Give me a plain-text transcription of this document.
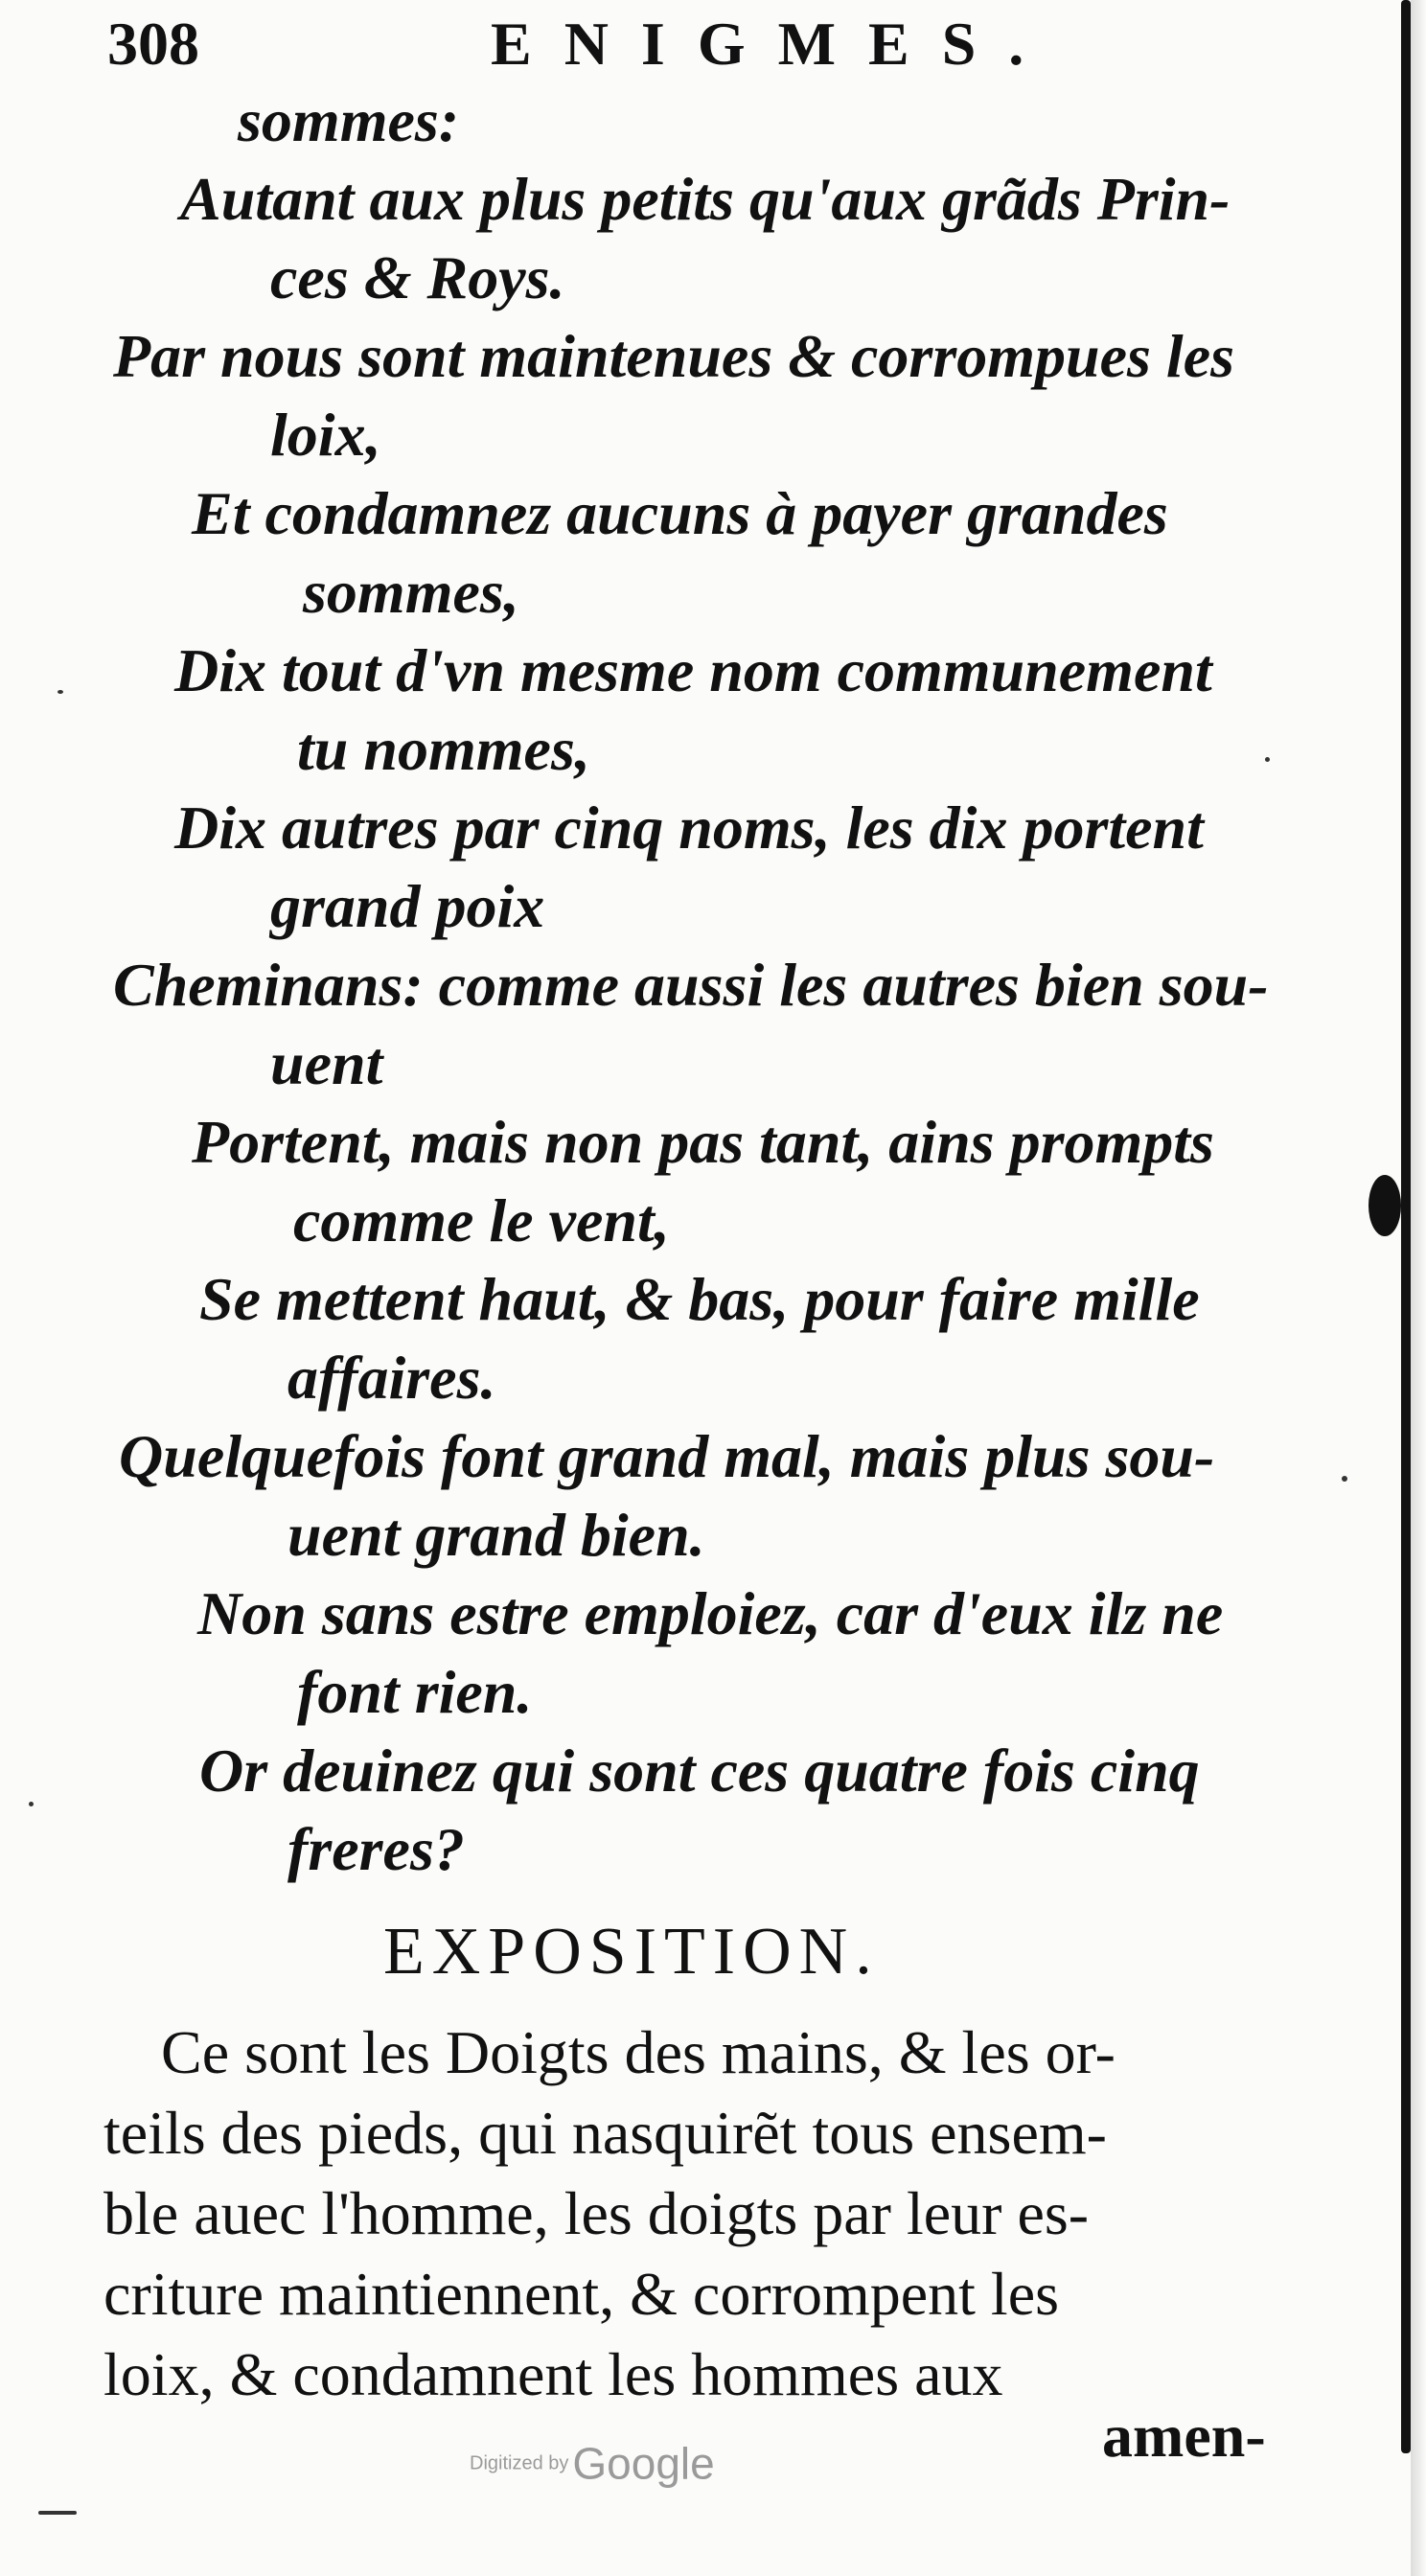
308	ENIGMES.
sommes:
Autant aux plus petits qu'aux grãds Prin-
ces & Roys.
Par nous sont maintenues & corrompues les
loix,
Et condamnez aucuns à payer grandes
sommes,
Dix tout d'vn mesme nom communement
tu nommes,
Dix autres par cinq noms, les dix portent
grand poix
Cheminans: comme aussi les autres bien sou-
uent
Portent, mais non pas tant, ains prompts
comme le vent,
Se mettent haut, & bas, pour faire mille
affaires.
Quelquefois font grand mal, mais plus sou-
uent grand bien.
Non sans estre emploiez, car d'eux ilz ne
font rien.
Or deuinez qui sont ces quatre fois cinq
freres?
EXPOSITION.
Ce sont les Doigts des mains, & les or-
teils des pieds, qui nasquirẽt tous ensem-
ble auec l'homme, les doigts par leur es-
criture maintiennent, & corrompent les
loix, & condamnent les hommes aux
amen-
Digitized by Google
